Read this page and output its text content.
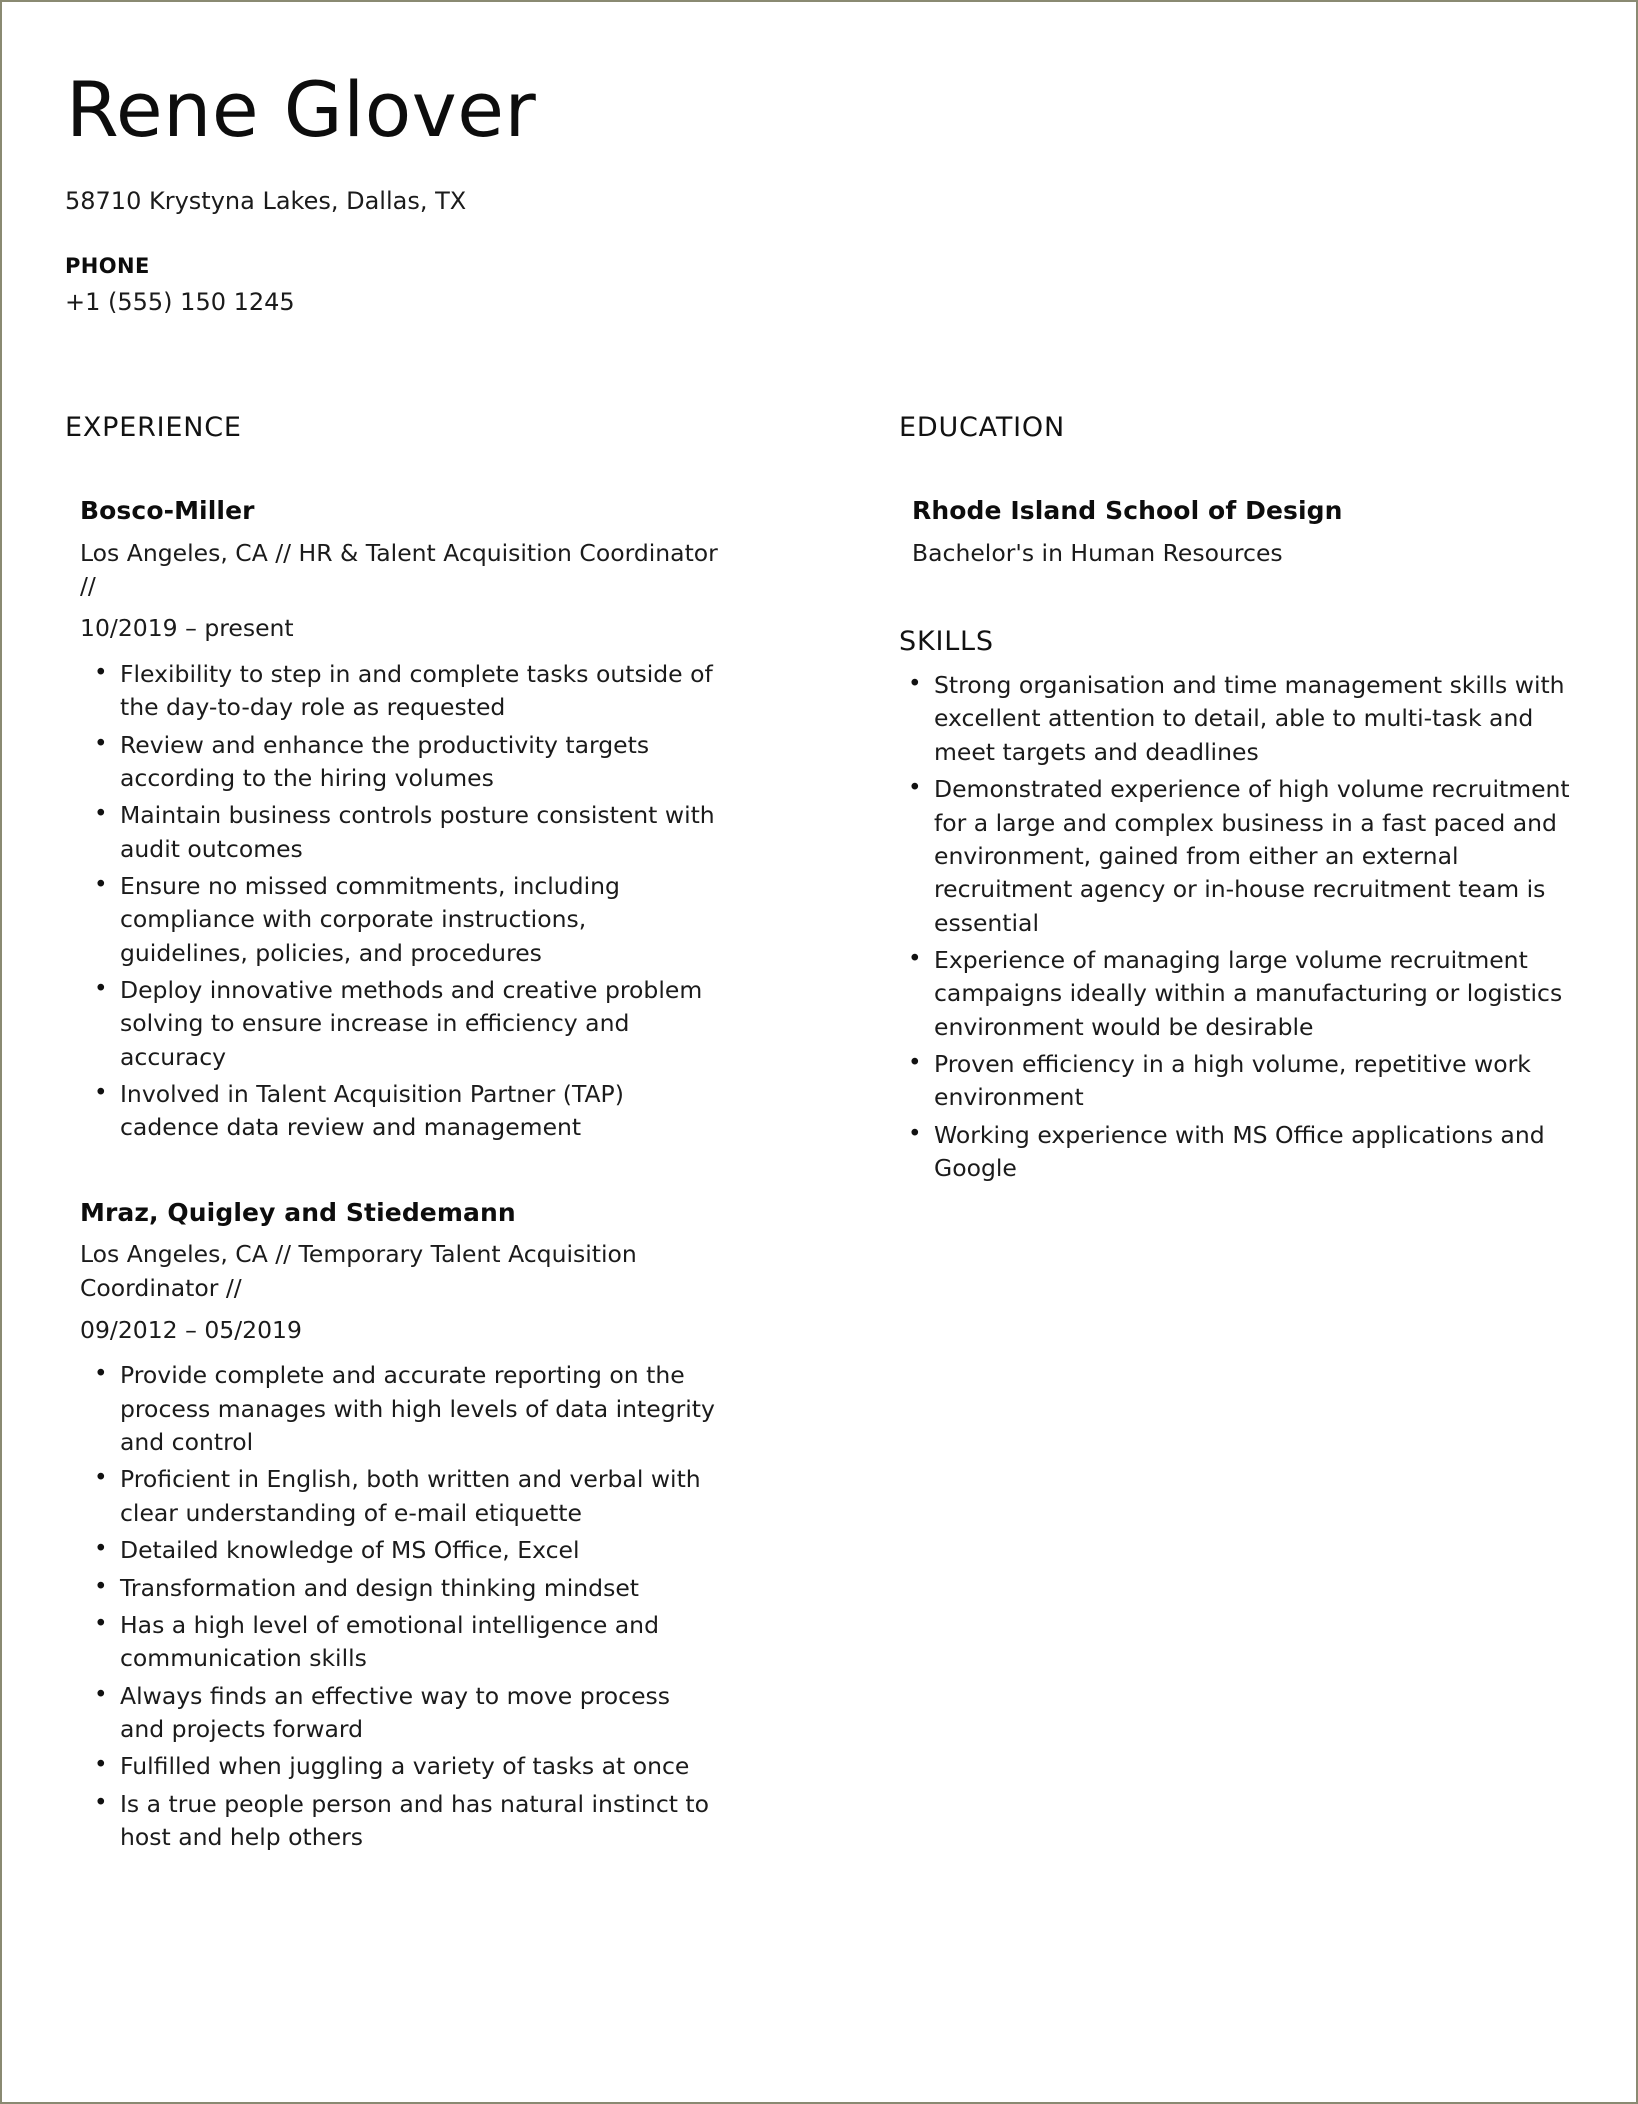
Rene Glover
58710 Krystyna Lakes, Dallas, TX
PHONE
+1 (555) 150 1245
EXPERIENCE
Bosco-Miller
Los Angeles, CA // HR & Talent Acquisition Coordinator //
10/2019 – present
• Flexibility to step in and complete tasks outside of the day-to-day role as requested
• Review and enhance the productivity targets according to the hiring volumes
• Maintain business controls posture consistent with audit outcomes
• Ensure no missed commitments, including compliance with corporate instructions, guidelines, policies, and procedures
• Deploy innovative methods and creative problem solving to ensure increase in efficiency and accuracy
• Involved in Talent Acquisition Partner (TAP) cadence data review and management
Mraz, Quigley and Stiedemann
Los Angeles, CA // Temporary Talent Acquisition Coordinator //
09/2012 – 05/2019
• Provide complete and accurate reporting on the process manages with high levels of data integrity and control
• Proficient in English, both written and verbal with clear understanding of e-mail etiquette
• Detailed knowledge of MS Office, Excel
• Transformation and design thinking mindset
• Has a high level of emotional intelligence and communication skills
• Always finds an effective way to move process and projects forward
• Fulfilled when juggling a variety of tasks at once
• Is a true people person and has natural instinct to host and help others
EDUCATION
Rhode Island School of Design
Bachelor's in Human Resources
SKILLS
• Strong organisation and time management skills with excellent attention to detail, able to multi-task and meet targets and deadlines
• Demonstrated experience of high volume recruitment for a large and complex business in a fast paced and environment, gained from either an external recruitment agency or in-house recruitment team is essential
• Experience of managing large volume recruitment campaigns ideally within a manufacturing or logistics environment would be desirable
• Proven efficiency in a high volume, repetitive work environment
• Working experience with MS Office applications and Google
